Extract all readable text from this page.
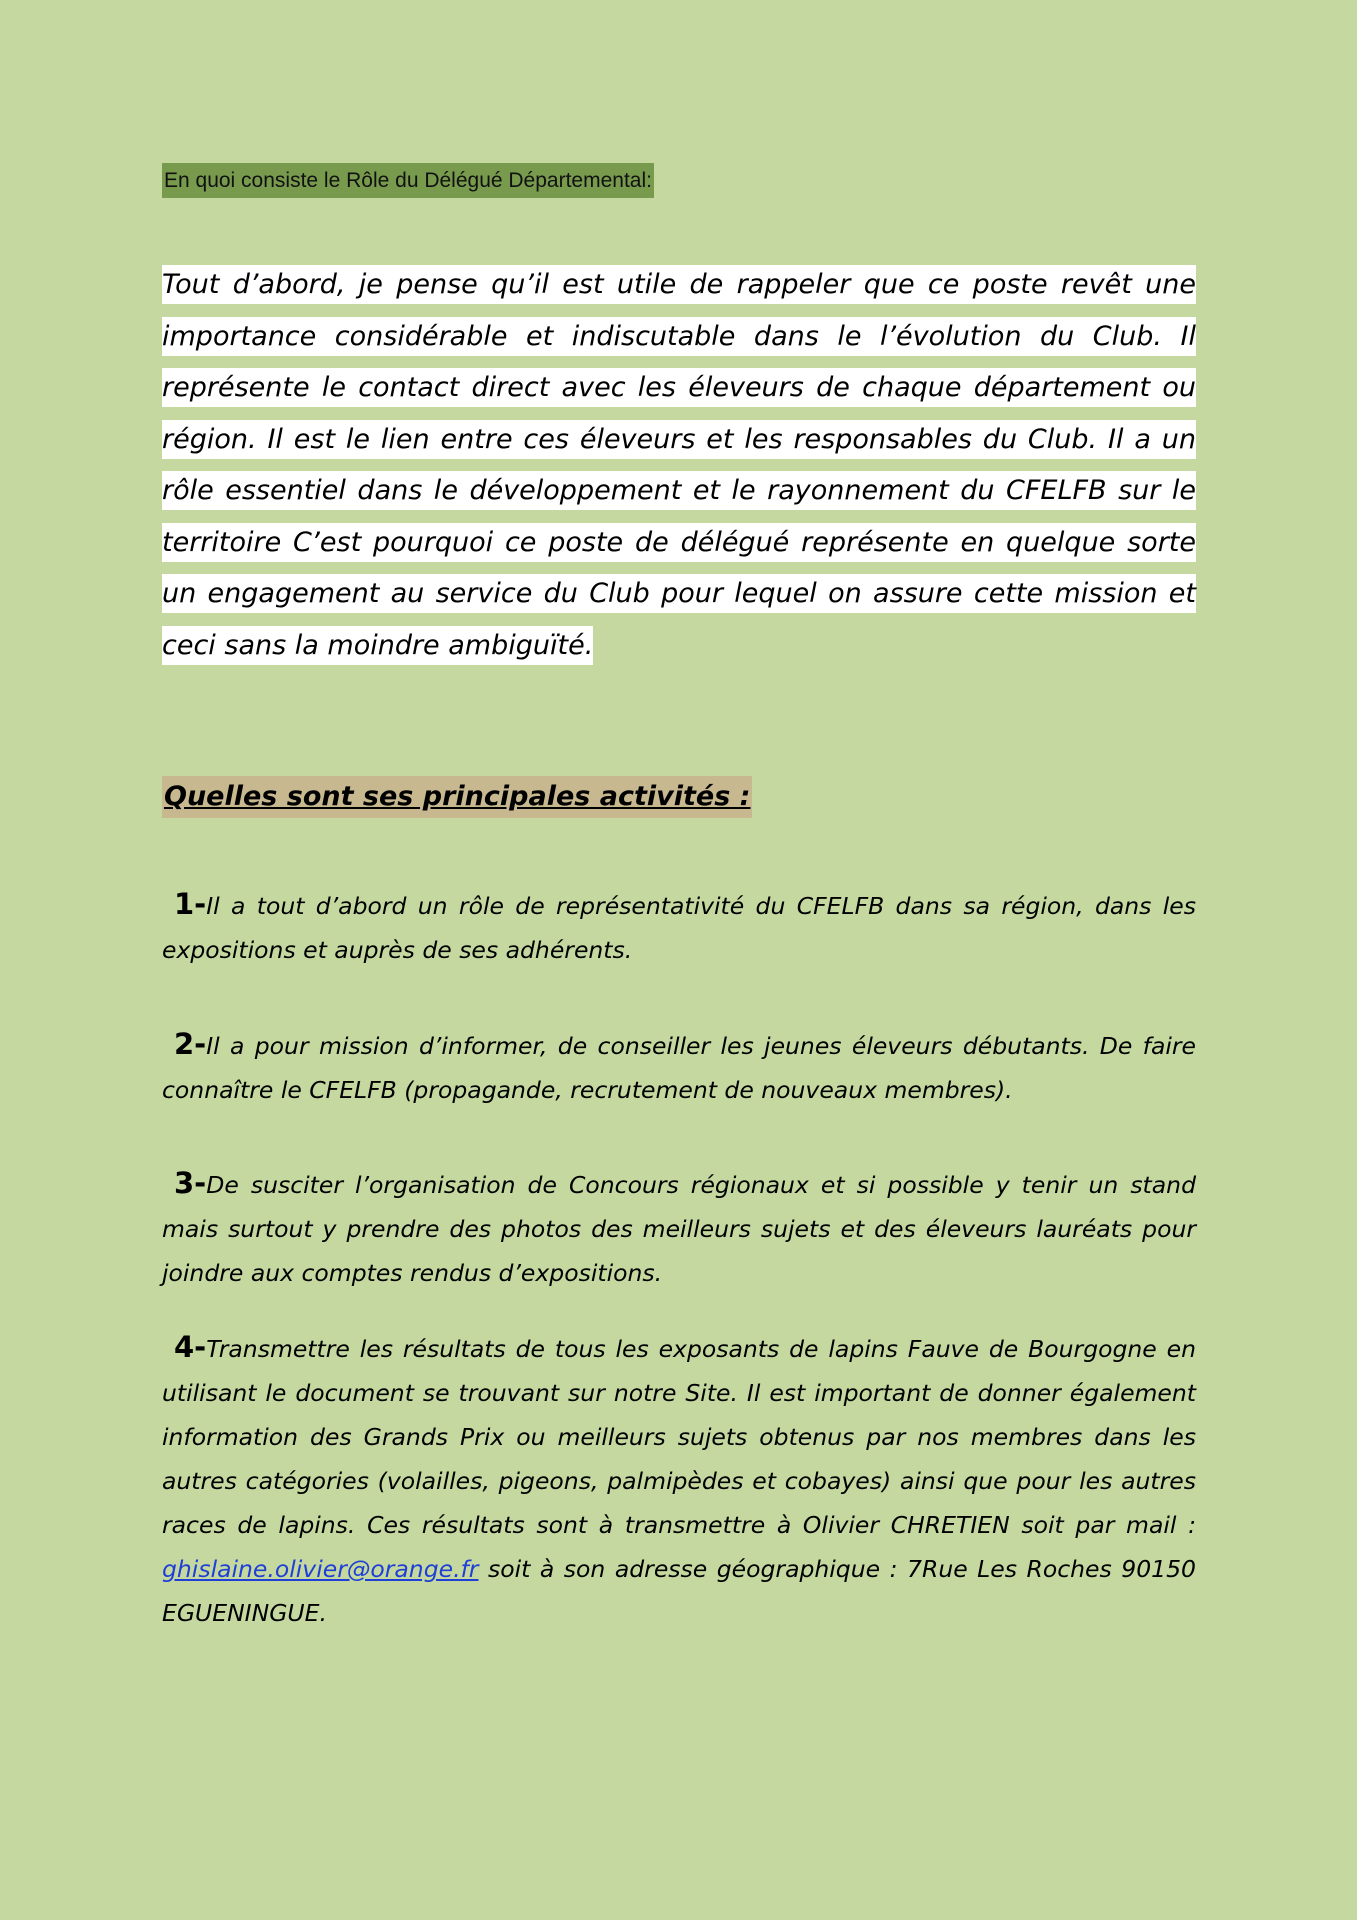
En quoi consiste le Rôle du Délégué Départemental:
Tout d’abord, je pense qu’il est utile de rappeler que ce poste revêt une importance considérable et indiscutable dans le l’évolution du Club. Il représente le contact direct avec les éleveurs de chaque département ou région. Il est le lien entre ces éleveurs et les responsables du Club. Il a un rôle essentiel dans le développement et le rayonnement du CFELFB sur le territoire C’est pourquoi ce poste de délégué représente en quelque sorte un engagement au service du Club pour lequel on assure cette mission et ceci sans la moindre ambiguïté.
Quelles sont ses principales activités :
1-Il a tout d’abord un rôle de représentativité du CFELFB dans sa région, dans les expositions et auprès de ses adhérents.
2-Il a pour mission d’informer, de conseiller les jeunes éleveurs débutants. De faire connaître le CFELFB (propagande, recrutement de nouveaux membres).
3-De susciter l’organisation de Concours régionaux et si possible y tenir un stand mais surtout y prendre des photos des meilleurs sujets et des éleveurs lauréats pour joindre aux comptes rendus d’expositions.
4-Transmettre les résultats de tous les exposants de lapins Fauve de Bourgogne en utilisant le document se trouvant sur notre Site. Il est important de donner également information des Grands Prix ou meilleurs sujets obtenus par nos membres dans les autres catégories (volailles, pigeons, palmipèdes et cobayes) ainsi que pour les autres races de lapins. Ces résultats sont à transmettre à Olivier CHRETIEN soit par mail : ghislaine.olivier@orange.fr soit à son adresse géographique : 7Rue Les Roches 90150 EGUENINGUE.
